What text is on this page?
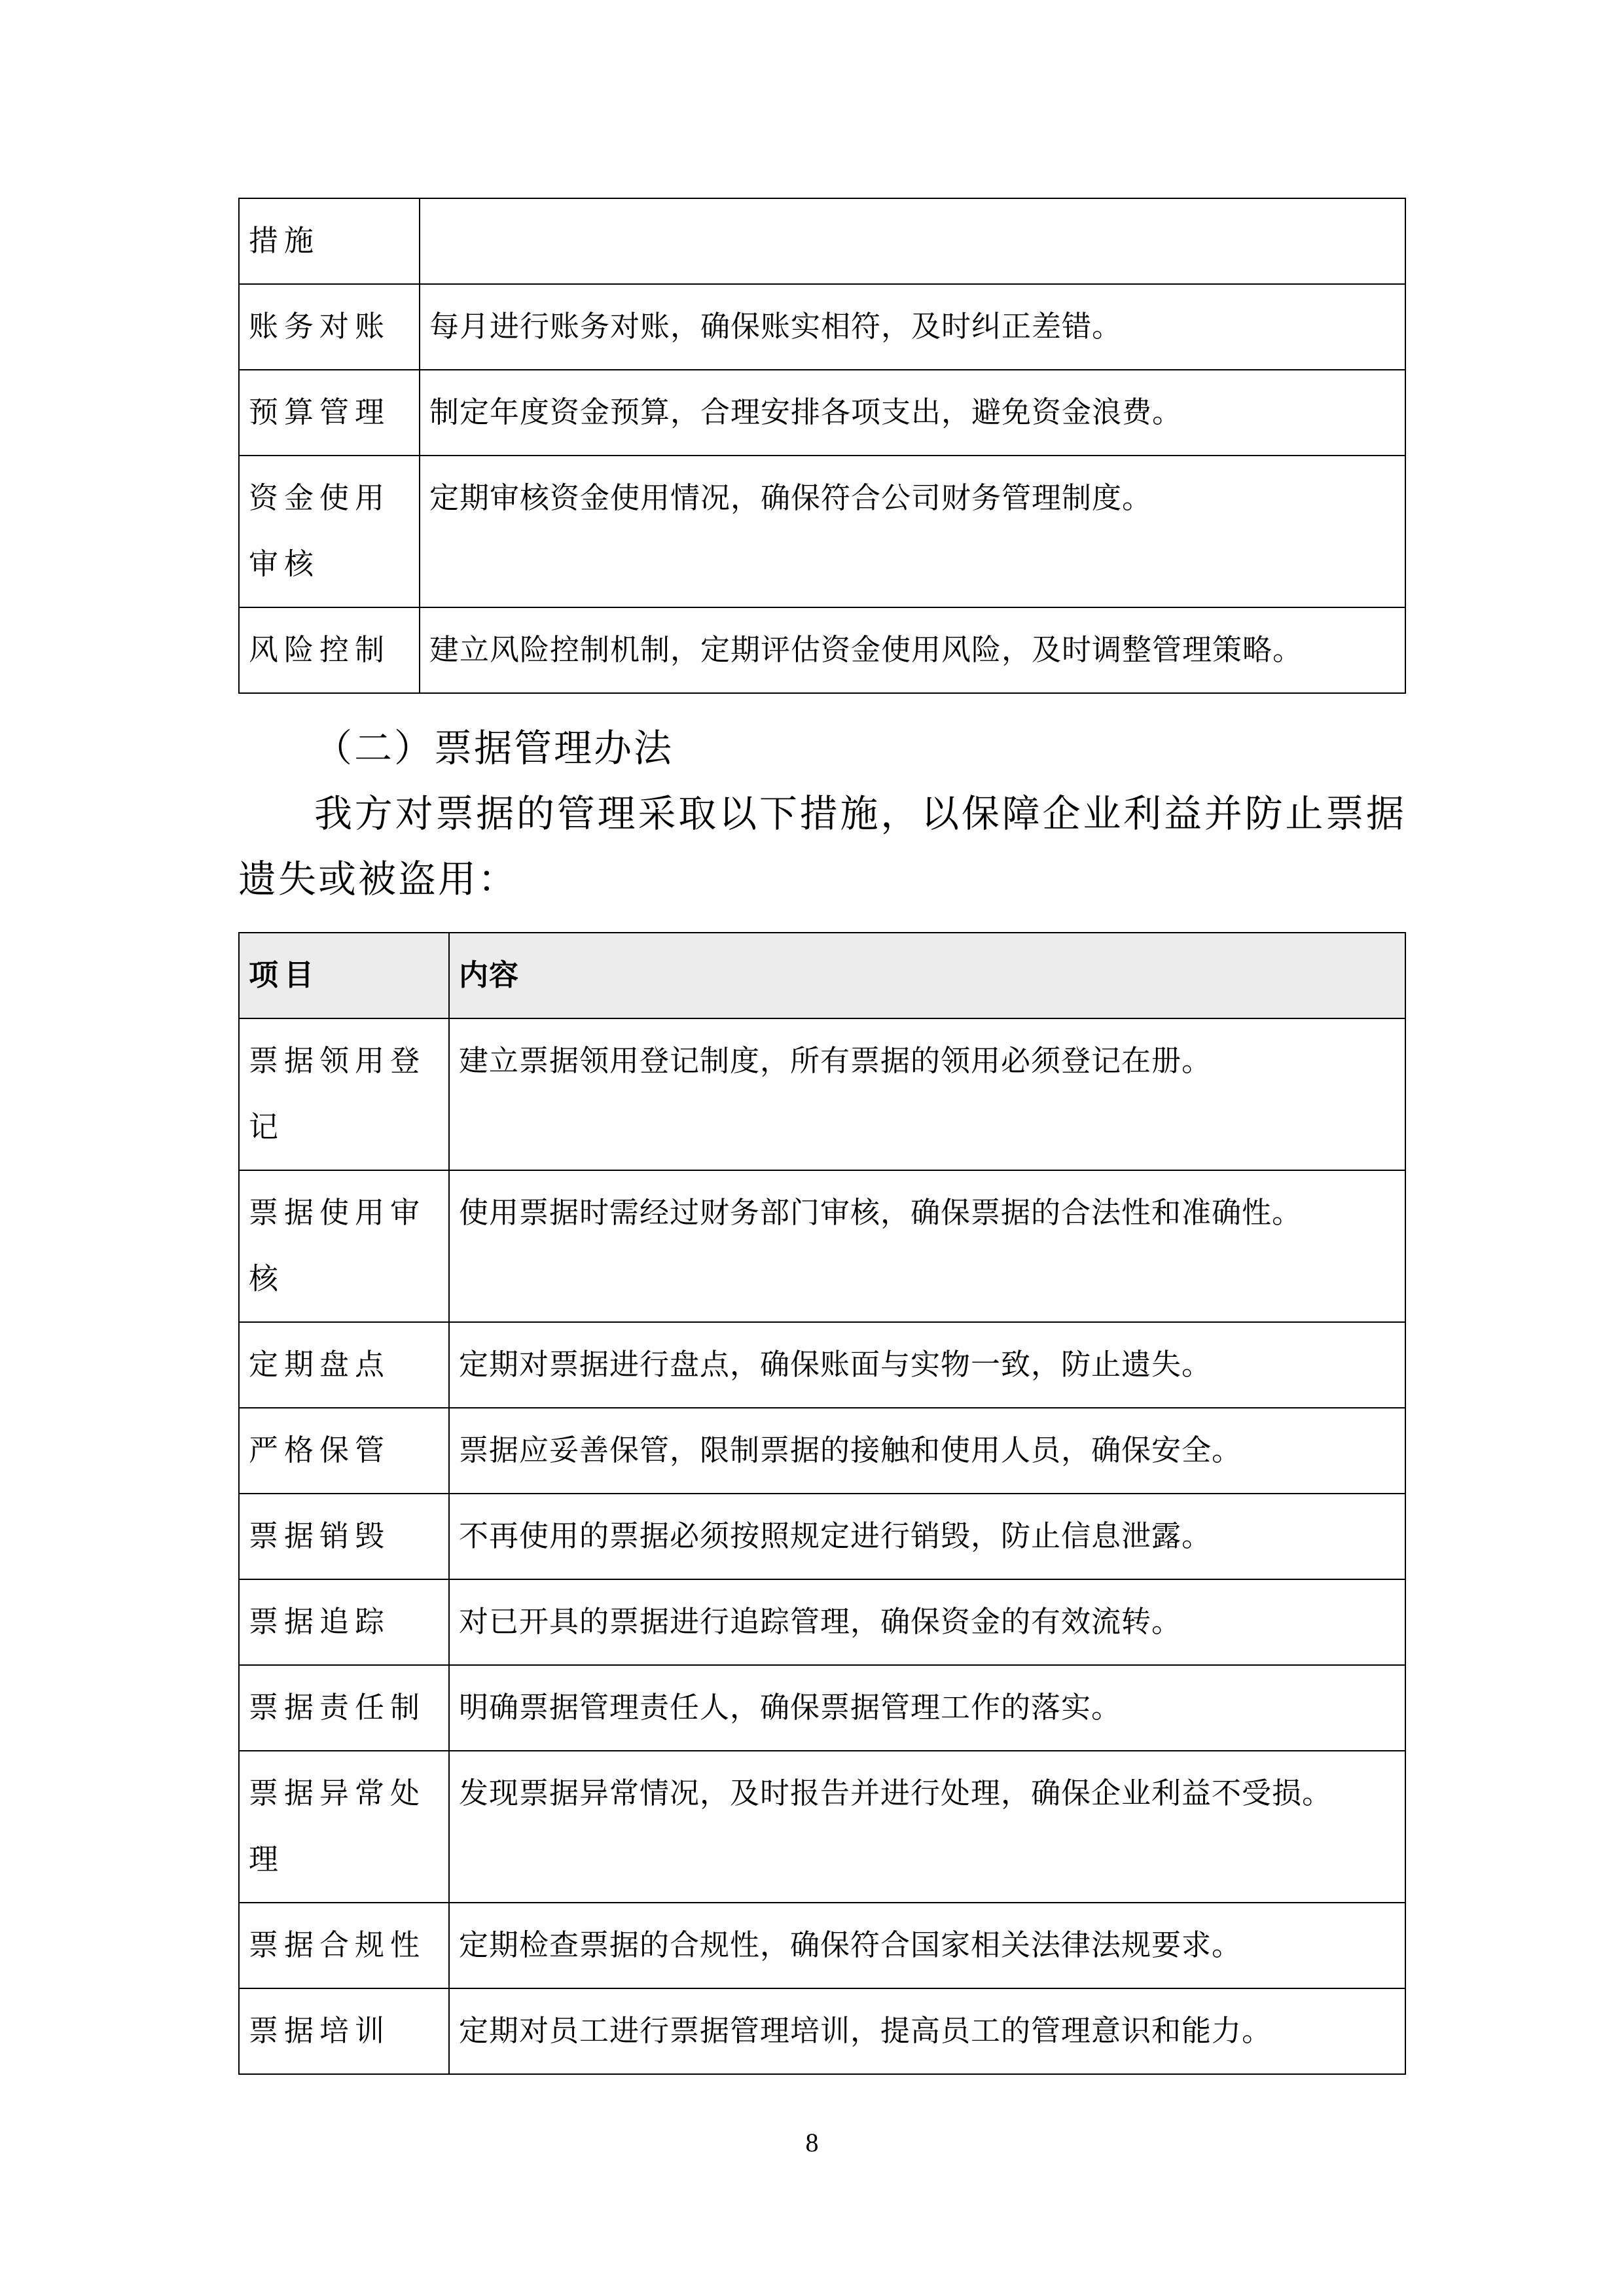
措施	
账务对账	每月进行账务对账，确保账实相符，及时纠正差错。
预算管理	制定年度资金预算，合理安排各项支出，避免资金浪费。
资金使用审核	定期审核资金使用情况，确保符合公司财务管理制度。
风险控制	建立风险控制机制，定期评估资金使用风险，及时调整管理策略。
（二）票据管理办法

我方对票据的管理采取以下措施，以保障企业利益并防止票据遗失或被盗用：

项目	内容
票据领用登记	建立票据领用登记制度，所有票据的领用必须登记在册。
票据使用审核	使用票据时需经过财务部门审核，确保票据的合法性和准确性。
定期盘点	定期对票据进行盘点，确保账面与实物一致，防止遗失。
严格保管	票据应妥善保管，限制票据的接触和使用人员，确保安全。
票据销毁	不再使用的票据必须按照规定进行销毁，防止信息泄露。
票据追踪	对已开具的票据进行追踪管理，确保资金的有效流转。
票据责任制	明确票据管理责任人，确保票据管理工作的落实。
票据异常处理	发现票据异常情况，及时报告并进行处理，确保企业利益不受损。
票据合规性	定期检查票据的合规性，确保符合国家相关法律法规要求。
票据培训	定期对员工进行票据管理培训，提高员工的管理意识和能力。
8
